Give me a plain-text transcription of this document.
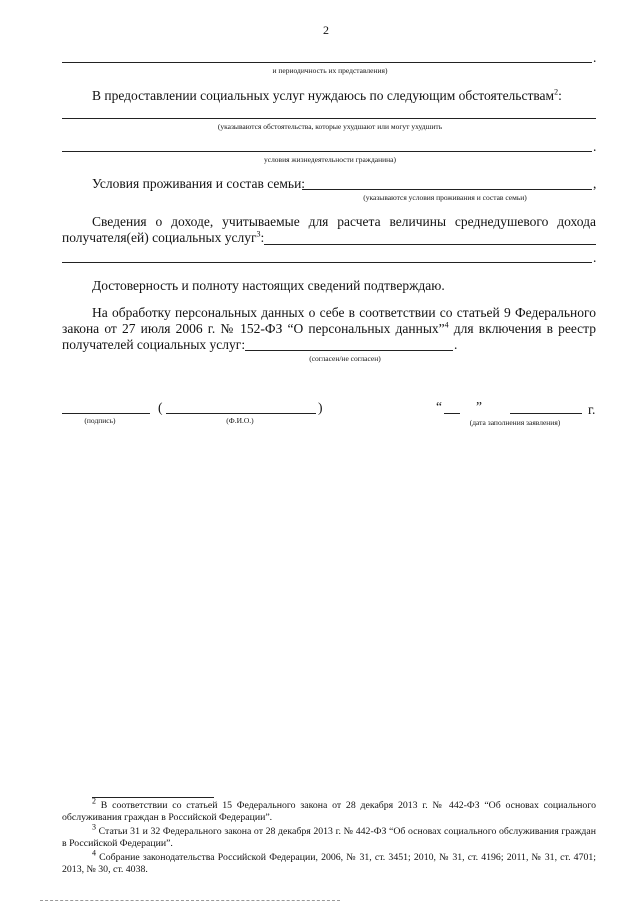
2
.
и периодичность их представления)
В предоставлении социальных услуг нуждаюсь по следующим обстоятельствам$^2$:
(указываются обстоятельства, которые ухудшают или могут ухудшить
.
условия жизнедеятельности гражданина)
Условия проживания и состав семьи:	,
(указываются условия проживания и состав семьи)
Сведения о доходе, учитываемые для расчета величины среднедушевого дохода
получателя(ей) социальных услуг$^3$:
.
Достоверность и полноту настоящих сведений подтверждаю.
На обработку персональных данных о себе в соответствии со статьей 9 Федерального
закона от 27 июля 2006 г. № 152-ФЗ “О персональных данных”$^4$ для включения в реестр
получателей социальных услуг:	.
(согласен/не согласен)
(	)
(подпись)	(Ф.И.О.)
“	”	г.
(дата заполнения заявления)
$^2$ В соответствии со статьей 15 Федерального закона от 28 декабря 2013 г. № 442-ФЗ “Об основах социального обслуживания граждан в Российской Федерации”.
$^3$ Статьи 31 и 32 Федерального закона от 28 декабря 2013 г. № 442-ФЗ “Об основах социального обслуживания граждан в Российской Федерации”.
$^4$ Собрание законодательства Российской Федерации, 2006, № 31, ст. 3451; 2010, № 31, ст. 4196; 2011, № 31, ст. 4701; 2013, № 30, ст. 4038.
